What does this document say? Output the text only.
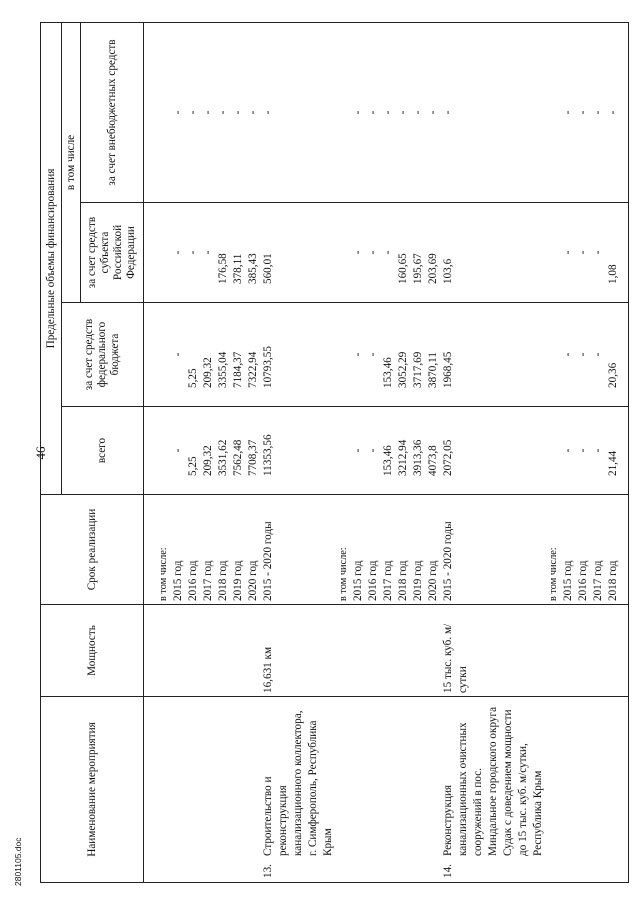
46
Наименование мероприятия	Мощность	Срок реализации	Предельные объемы финансирования			
			всего	за счет средств федерального бюджета	в том числе	
					за счет средств субъекта Российской Федерации	за счет внебюджетных средств

		в том числе:				
		2015 год	-	-	-	-
		2016 год	5,25	5,25	-	-
		2017 год	209,32	209,32	-	-
		2018 год	3531,62	3355,04	176,58	-
		2019 год	7562,48	7184,37	378,11	-
		2020 год	7708,37	7322,94	385,43	-
13.Строительство и реконструкция канализационного коллектора, г. Симферополь, Республика Крым	16,631 км	2015 - 2020 годы	11353,56	10793,55	560,01	-
		в том числе:				
		2015 год	-	-	-	-
		2016 год	-	-	-	-
		2017 год	153,46	153,46	-	-
		2018 год	3212,94	3052,29	160,65	-
		2019 год	3913,36	3717,69	195,67	-
		2020 год	4073,8	3870,11	203,69	-
14.Реконструкция канализационных очистных сооружений в пос. Миндальное городского округа Судак с доведением мощности до 15 тыс. куб. м/сутки, Республика Крым	15 тыс. куб. м/сутки	2015 - 2020 годы	2072,05	1968,45	103,6	-
		в том числе:				
		2015 год	-	-	-	-
		2016 год	-	-	-	-
		2017 год	-	-	-	-
		2018 год	21,44	20,36	1,08	-
2801105.doc
